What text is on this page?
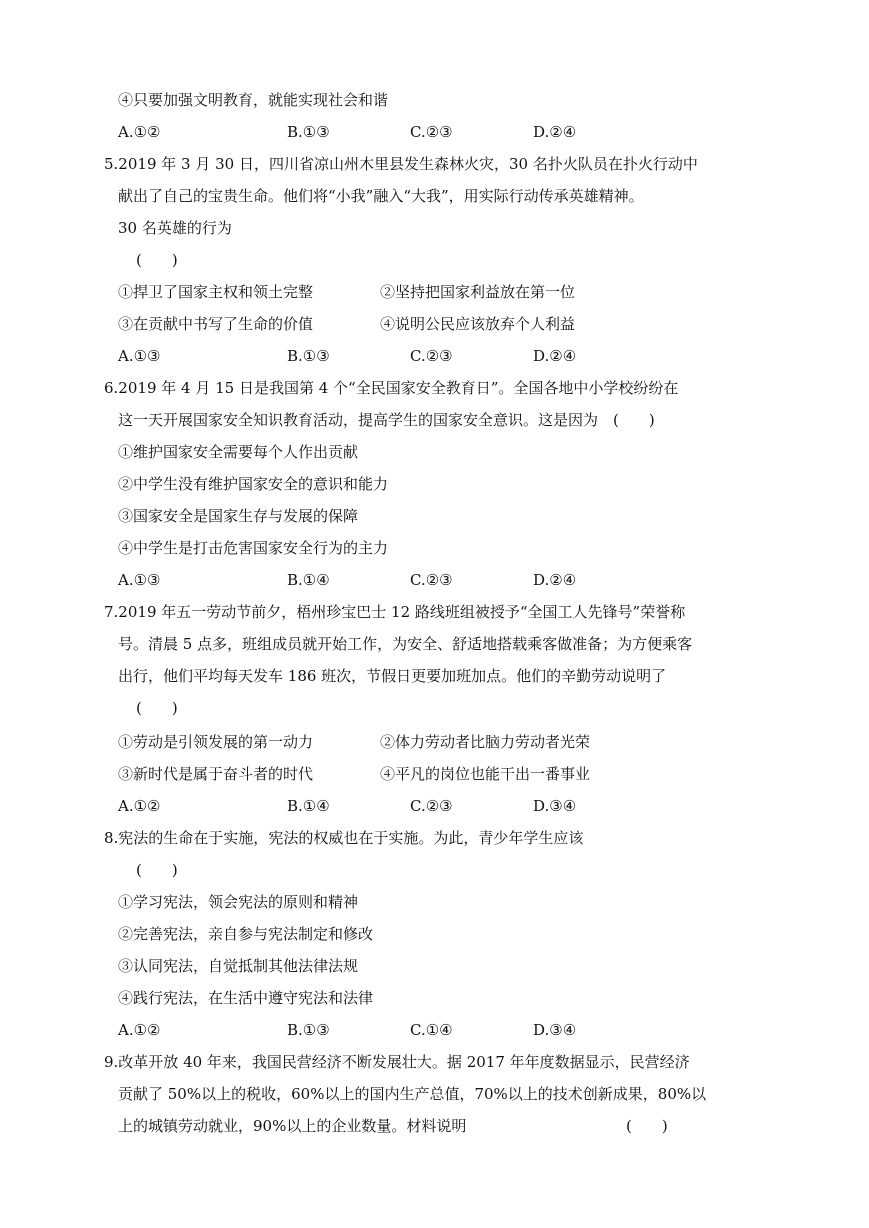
④只要加强文明教育，就能实现社会和谐
A.①②	B.①③	C.②③	D.②④
5.2019 年 3 月 30 日，四川省凉山州木里县发生森林火灾，30 名扑火队员在扑火行动中
献出了自己的宝贵生命。他们将“小我”融入“大我”，用实际行动传承英雄精神。
30 名英雄的行为
(　　)
①捍卫了国家主权和领土完整	②坚持把国家利益放在第一位
③在贡献中书写了生命的价值	④说明公民应该放弃个人利益
A.①③	B.①③	C.②③	D.②④
6.2019 年 4 月 15 日是我国第 4 个“全民国家安全教育日”。全国各地中小学校纷纷在
这一天开展国家安全知识教育活动，提高学生的国家安全意识。这是因为　(　　)
①维护国家安全需要每个人作出贡献
②中学生没有维护国家安全的意识和能力
③国家安全是国家生存与发展的保障
④中学生是打击危害国家安全行为的主力
A.①③	B.①④	C.②③	D.②④
7.2019 年五一劳动节前夕，梧州珍宝巴士 12 路线班组被授予“全国工人先锋号”荣誉称
号。清晨 5 点多，班组成员就开始工作，为安全、舒适地搭载乘客做准备；为方便乘客
出行，他们平均每天发车 186 班次，节假日更要加班加点。他们的辛勤劳动说明了
(　　)
①劳动是引领发展的第一动力	②体力劳动者比脑力劳动者光荣
③新时代是属于奋斗者的时代	④平凡的岗位也能干出一番事业
A.①②	B.①④	C.②③	D.③④
8.宪法的生命在于实施，宪法的权威也在于实施。为此，青少年学生应该
(　　)
①学习宪法，领会宪法的原则和精神
②完善宪法，亲自参与宪法制定和修改
③认同宪法，自觉抵制其他法律法规
④践行宪法，在生活中遵守宪法和法律
A.①②	B.①③	C.①④	D.③④
9.改革开放 40 年来，我国民营经济不断发展壮大。据 2017 年年度数据显示，民营经济
贡献了 50%以上的税收，60%以上的国内生产总值，70%以上的技术创新成果，80%以
上的城镇劳动就业，90%以上的企业数量。材料说明	(　　)
